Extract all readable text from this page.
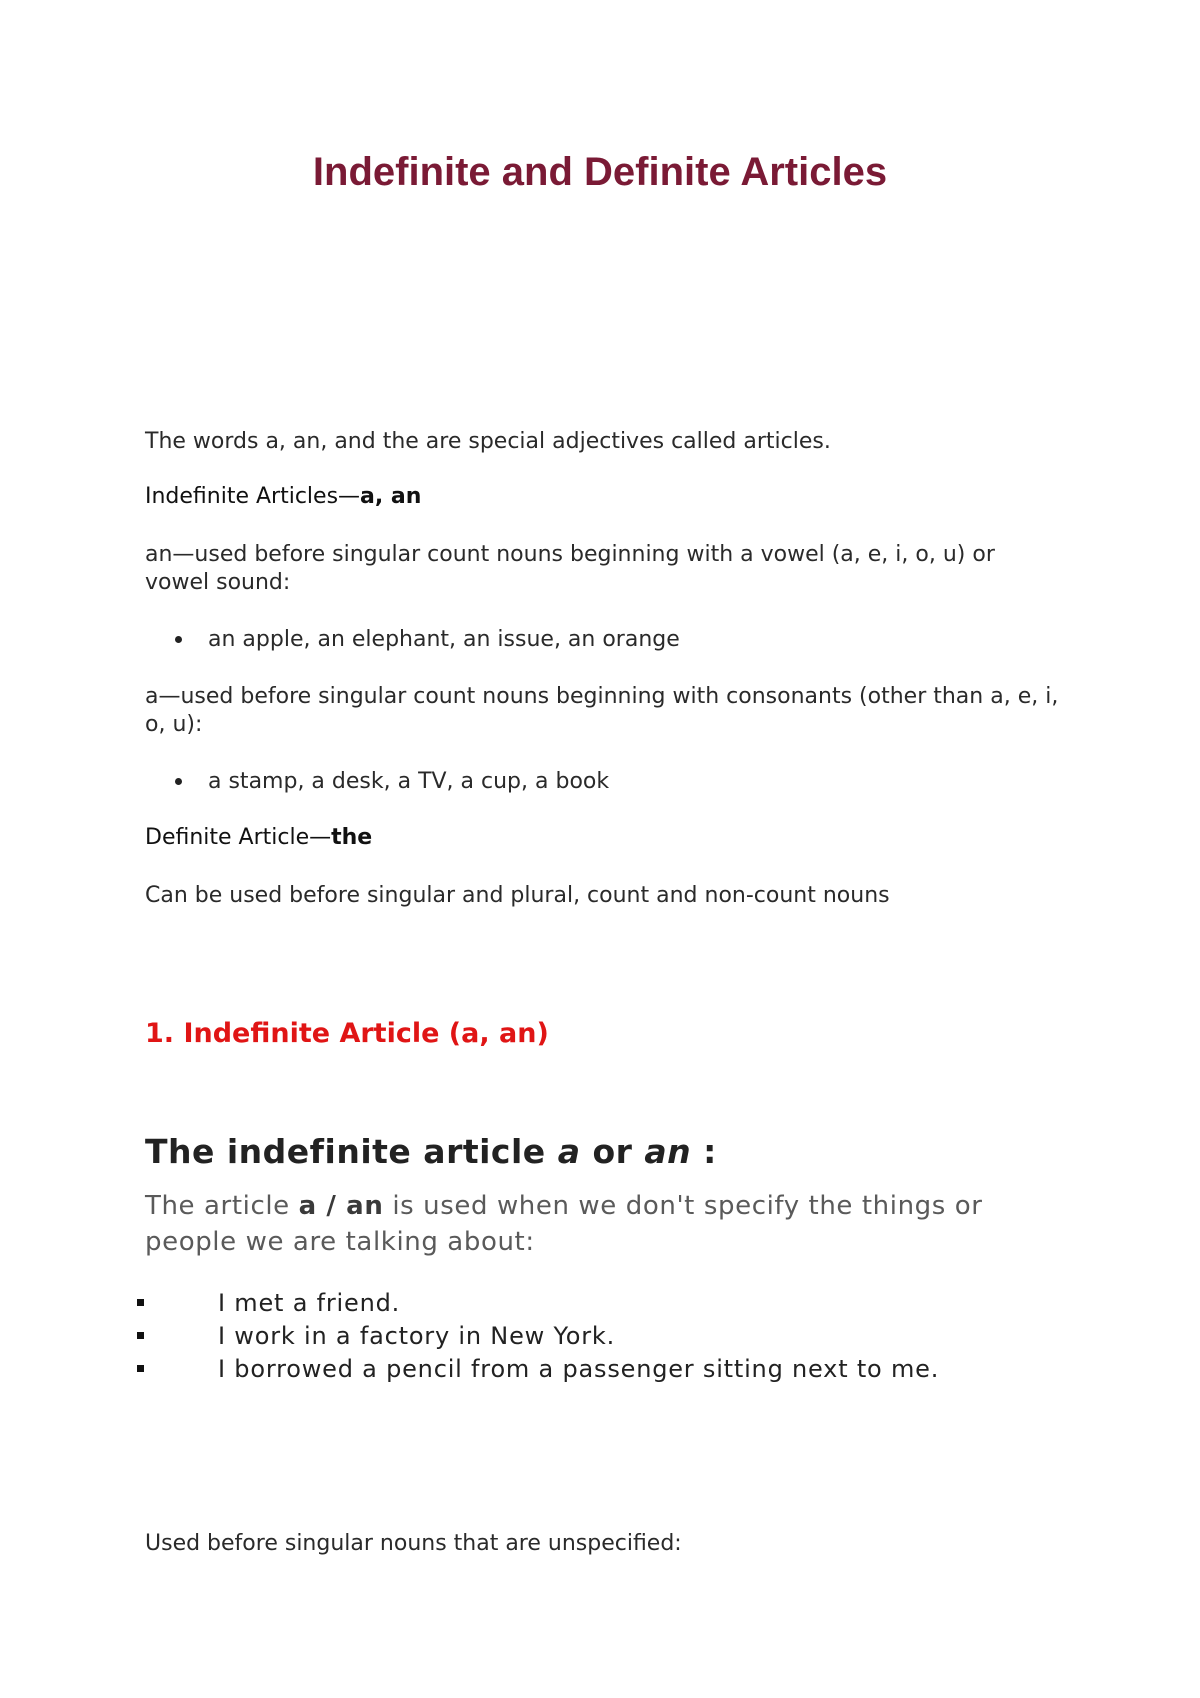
Indefinite and Definite Articles

The words a, an, and the are special adjectives called articles.

Indefinite Articles—a, an

an—used before singular count nouns beginning with a vowel (a, e, i, o, u) or vowel sound:

an apple, an elephant, an issue, an orange

a—used before singular count nouns beginning with consonants (other than a, e, i, o, u):

a stamp, a desk, a TV, a cup, a book

Definite Article—the

Can be used before singular and plural, count and non-count nouns

1. Indefinite Article (a, an)
The indefinite article a or an :

The article a / an is used when we don't specify the things or people we are talking about:

I met a friend.
I work in a factory in New York.
I borrowed a pencil from a passenger sitting next to me.

Used before singular nouns that are unspecified:
